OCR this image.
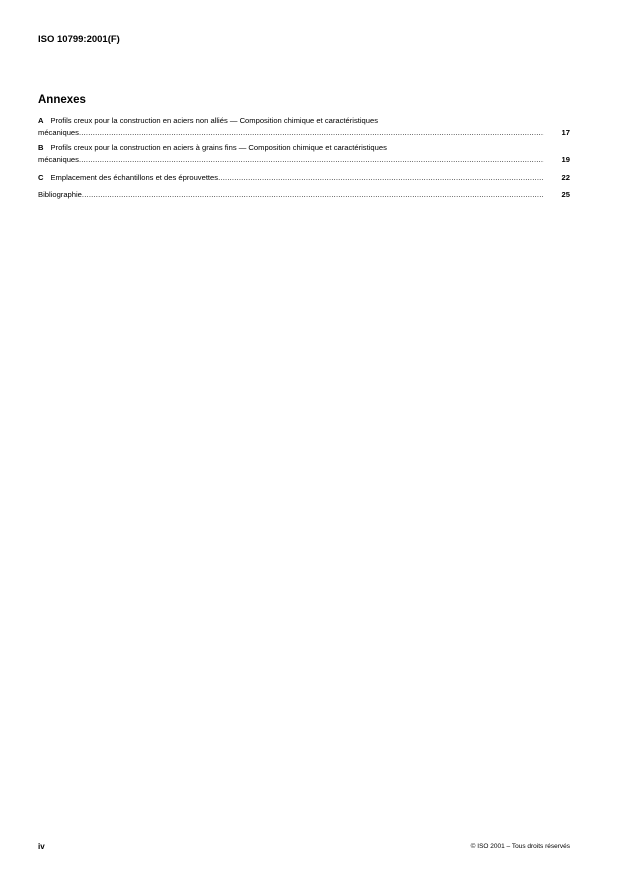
ISO 10799:2001(F)
Annexes
A Profils creux pour la construction en aciers non alliés — Composition chimique et caractéristiques
mécaniques .....	17
B Profils creux pour la construction en aciers à grains fins — Composition chimique et caractéristiques
mécaniques .....	19
C Emplacement des échantillons et des éprouvettes .....	22
Bibliographie .....	25
iv	© ISO 2001 – Tous droits réservés
